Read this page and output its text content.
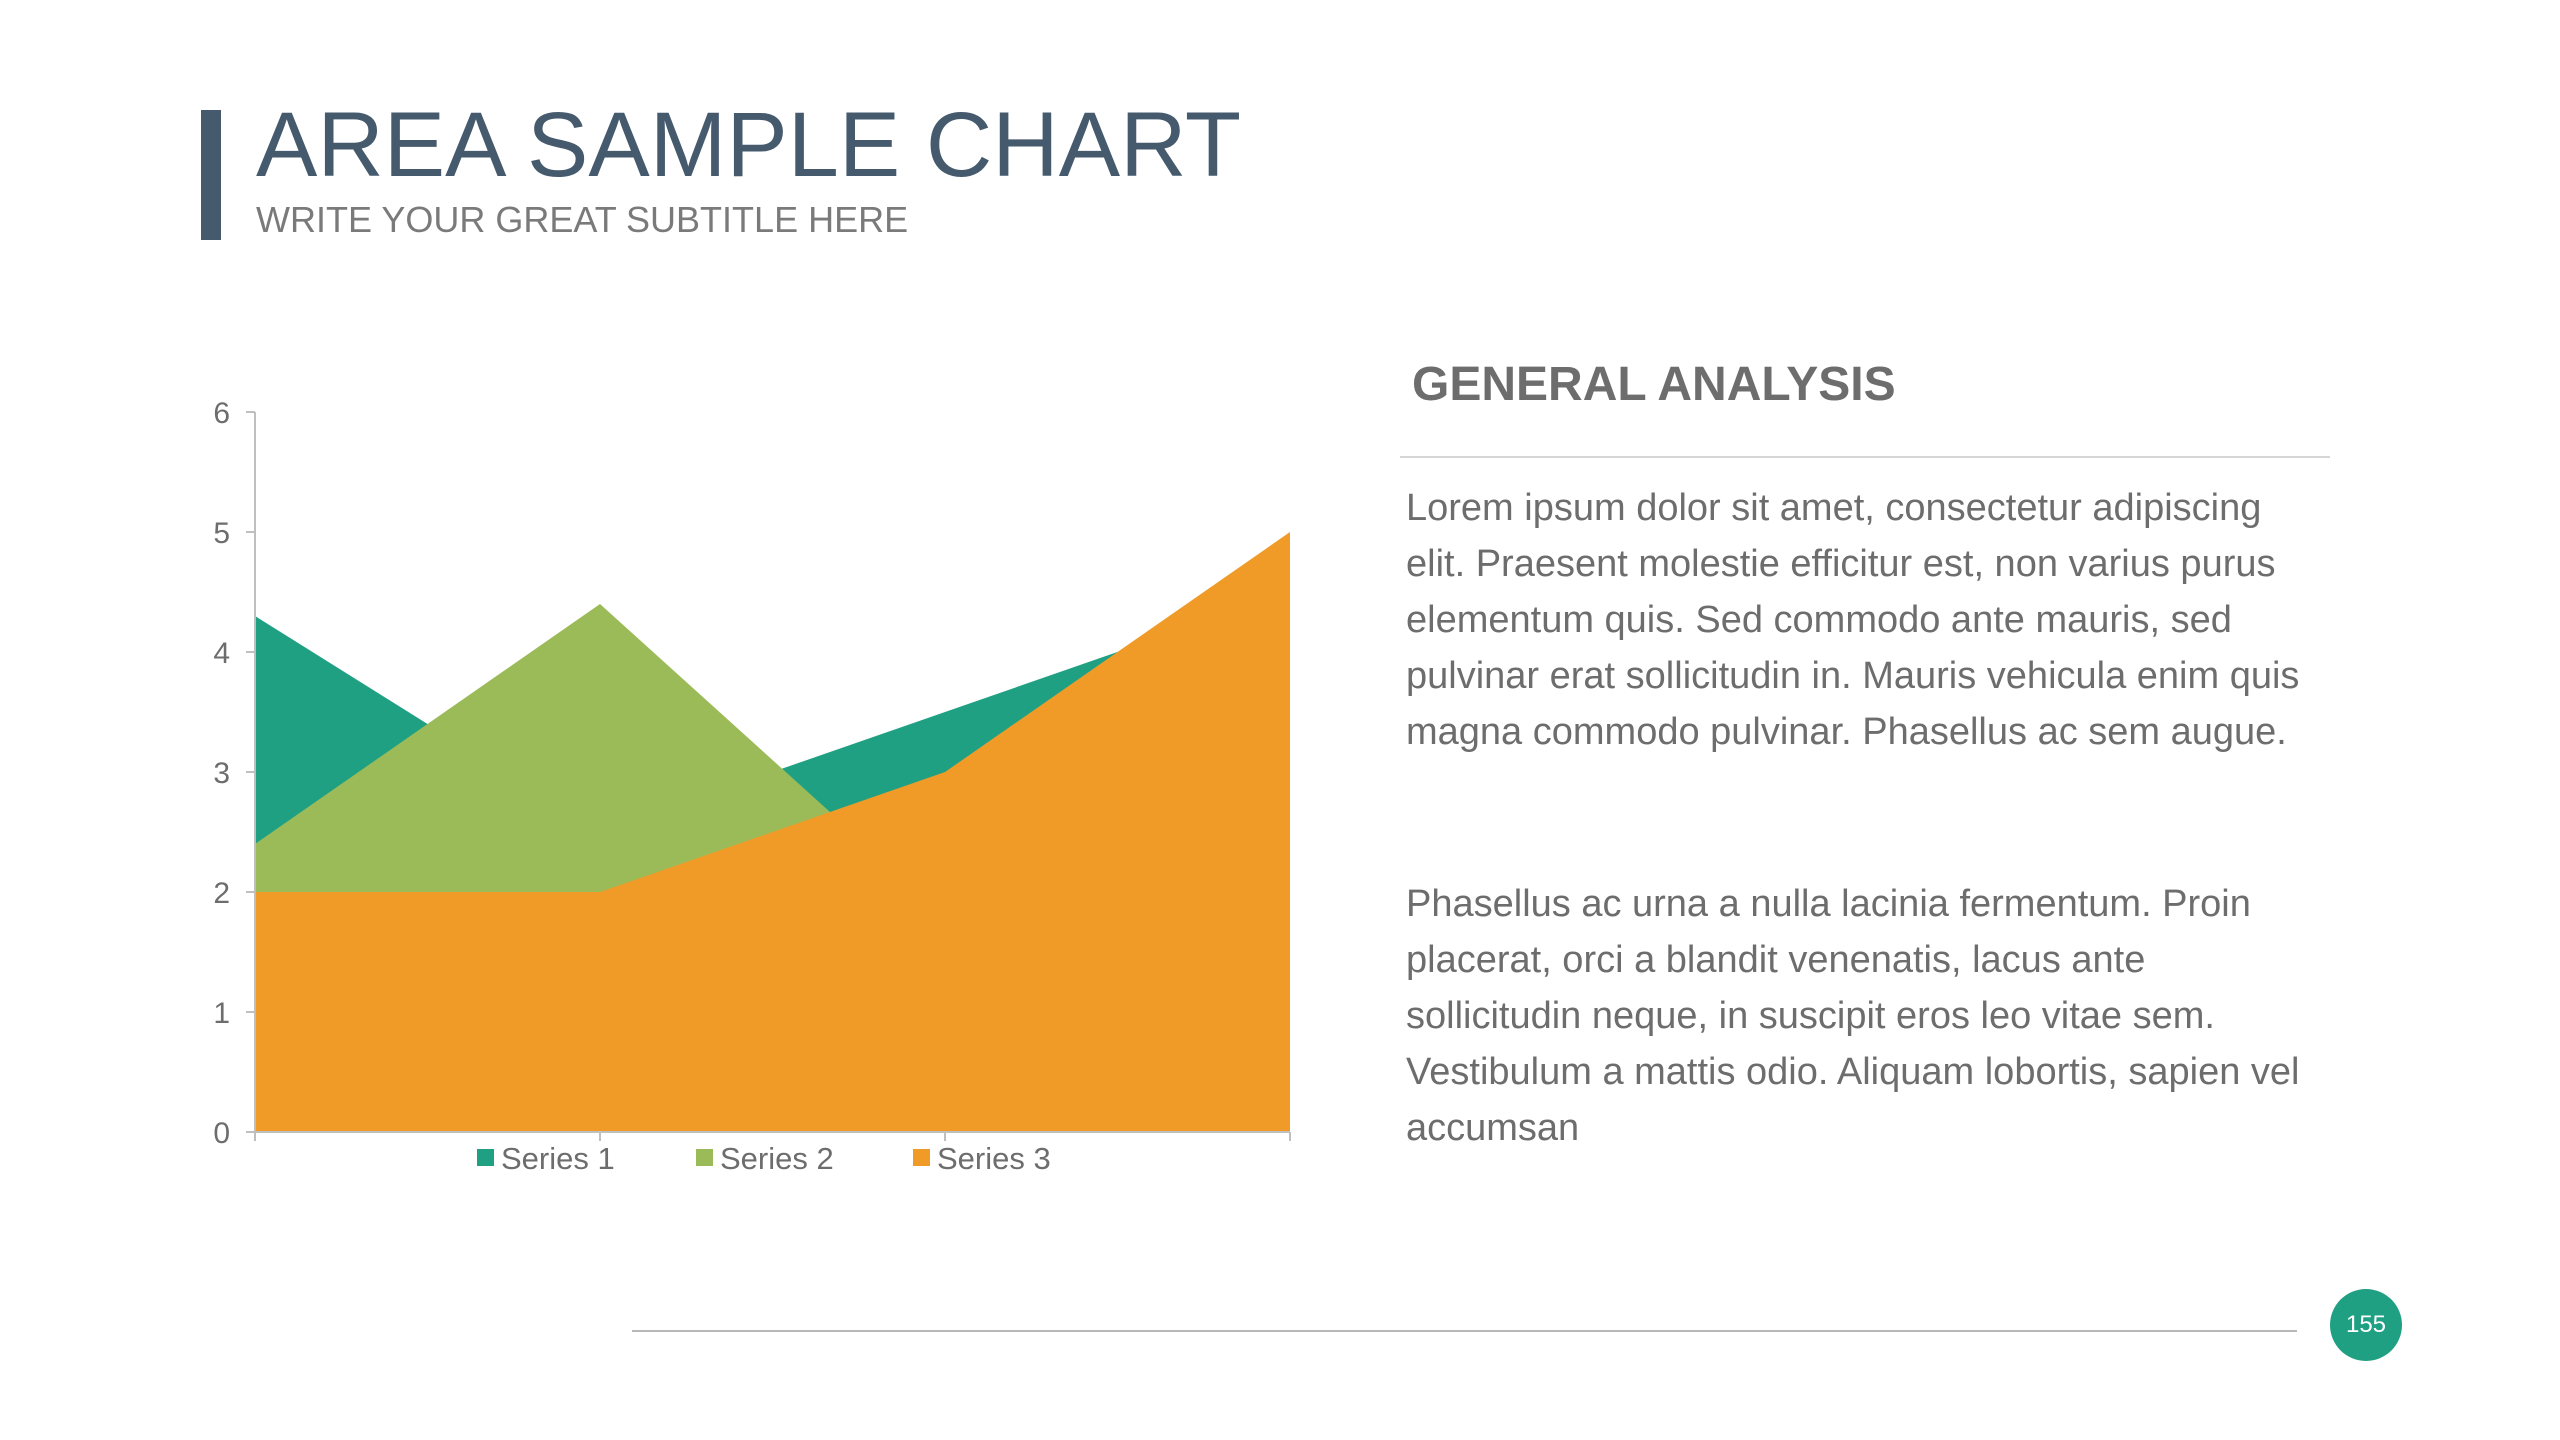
AREA SAMPLE CHART
WRITE YOUR GREAT SUBTITLE HERE
0
1
2
3
4
5
6
Series 1	Series 2	Series 3
GENERAL ANALYSIS

Lorem ipsum dolor sit amet, consectetur adipiscing elit. Praesent molestie efficitur est, non varius purus elementum quis. Sed commodo ante mauris, sed pulvinar erat sollicitudin in. Mauris vehicula enim quis magna commodo pulvinar. Phasellus ac sem augue.

Phasellus ac urna a nulla lacinia fermentum. Proin placerat, orci a blandit venenatis, lacus ante sollicitudin neque, in suscipit eros leo vitae sem. Vestibulum a mattis odio. Aliquam lobortis, sapien vel accumsan

155
